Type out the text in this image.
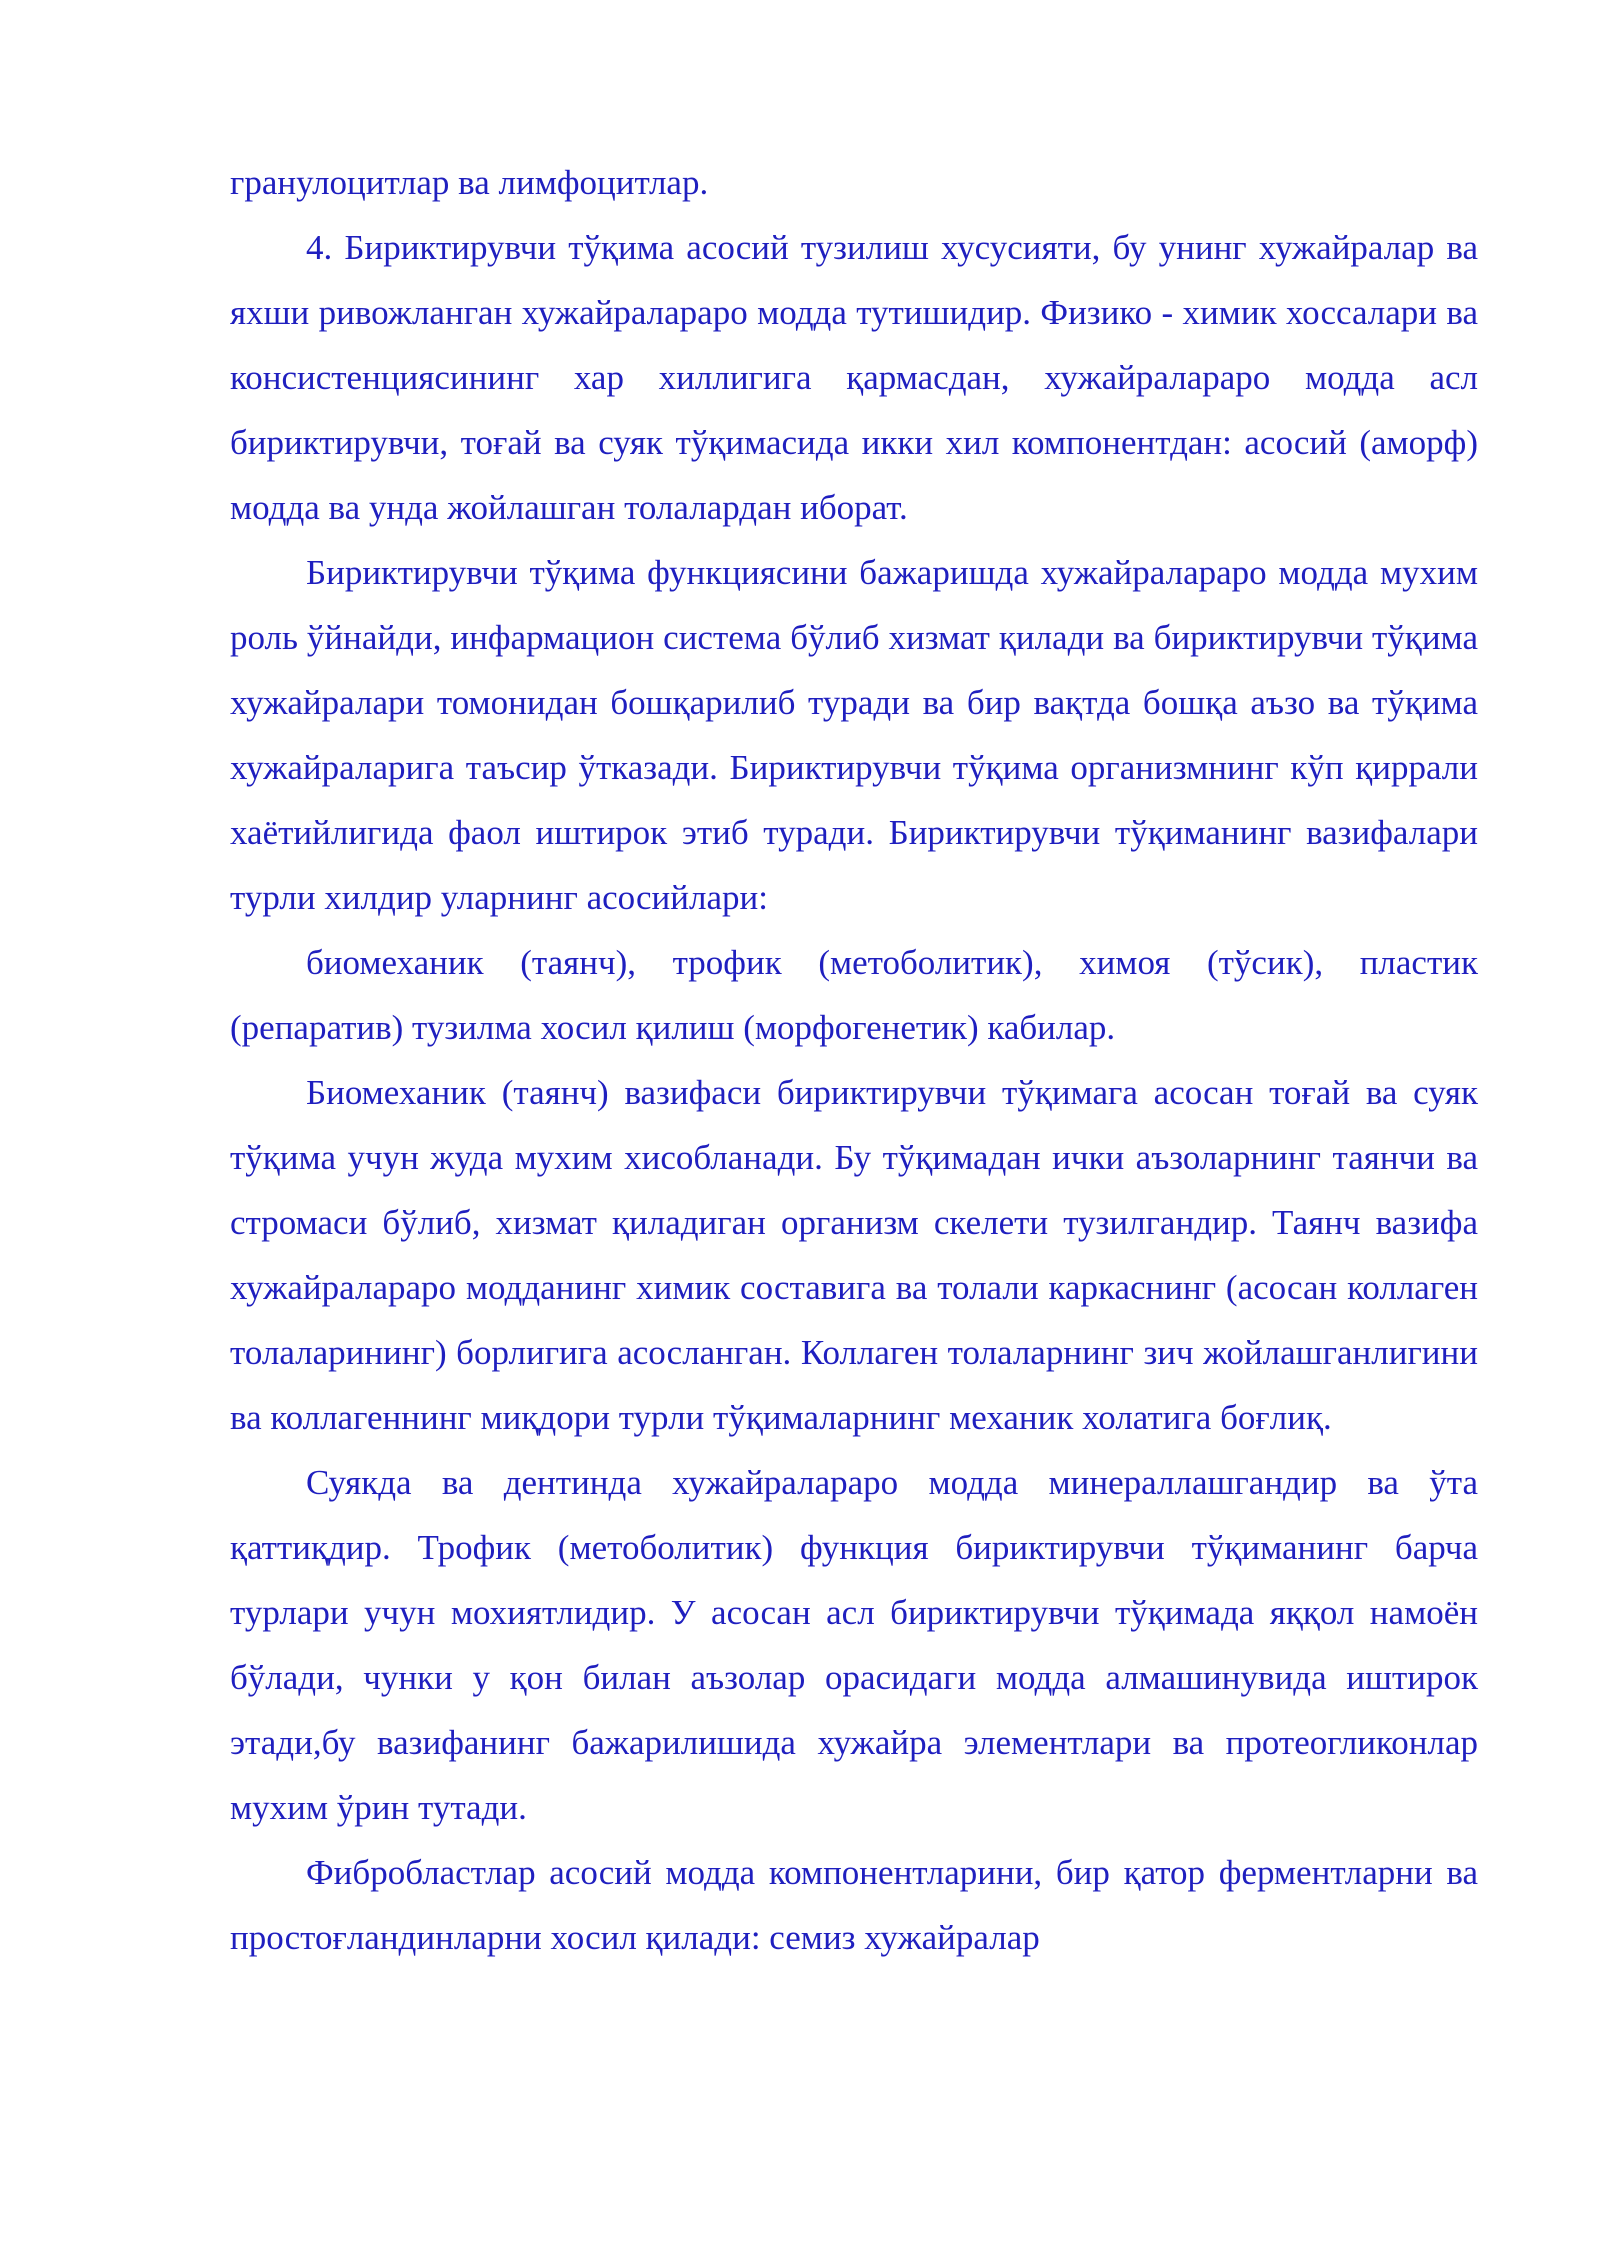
гранулоцитлар ва лимфоцитлар.

4. Бириктирувчи тўқима асосий тузилиш хусусияти, бу унинг хужайралар ва яхши ривожланган хужайралараро модда тутишидир. Физико - химик хоссалари ва консистенциясининг хар хиллигига қармасдан, хужайралараро модда асл бириктирувчи, тоғай ва суяк тўқимасида икки хил компонентдан: асосий (аморф) модда ва унда жойлашган толалардан иборат.

Бириктирувчи тўқима функциясини бажаришда хужайралараро модда мухим роль ўйнайди, инфармацион система бўлиб хизмат қилади ва бириктирувчи тўқима хужайралари томонидан бошқарилиб туради ва бир вақтда бошқа аъзо ва тўқима хужайраларига таъсир ўтказади. Бириктирувчи тўқима организмнинг кўп қиррали хаётийлигида фаол иштирок этиб туради. Бириктирувчи тўқиманинг вазифалари турли хилдир уларнинг асосийлари:

биомеханик (таянч), трофик (метоболитик), химоя (тўсик), пластик (репаратив) тузилма хосил қилиш (морфогенетик) кабилар.

Биомеханик (таянч) вазифаси бириктирувчи тўқимага асосан тоғай ва суяк тўқима учун жуда мухим хисобланади. Бу тўқимадан ички аъзоларнинг таянчи ва стромаси бўлиб, хизмат қиладиган организм скелети тузилгандир. Таянч вазифа хужайралараро модданинг химик составига ва толали каркаснинг (асосан коллаген толаларининг) борлигига асосланган. Коллаген толаларнинг зич жойлашганлигини ва коллагеннинг миқдори турли тўқималарнинг механик холатига боғлиқ.

Суякда ва дентинда хужайралараро модда минераллашгандир ва ўта қаттиқдир. Трофик (метоболитик) функция бириктирувчи тўқиманинг барча турлари учун мохиятлидир. У асосан асл бириктирувчи тўқимада яққол намоён бўлади, чунки у қон билан аъзолар орасидаги модда алмашинувида иштирок этади,бу вазифанинг бажарилишида хужайра элементлари ва протеогликонлар мухим ўрин тутади.

Фибробластлар асосий модда компонентларини, бир қатор ферментларни ва простоғландинларни хосил қилади: семиз хужайралар
